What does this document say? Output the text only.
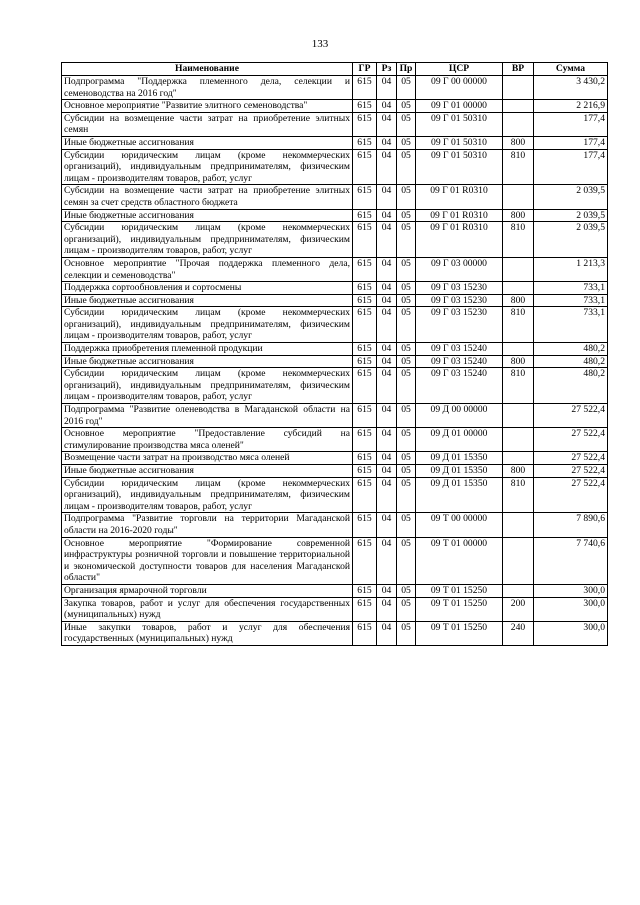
133
Наименование	ГР	Рз	Пр	ЦСР	ВР	Сумма
Подпрограмма "Поддержка племенного дела, селекции и семеноводства на 2016 год"	615	04	05	09 Г 00 00000		3 430,2
Основное мероприятие "Развитие элитного семеноводства"	615	04	05	09 Г 01 00000		2 216,9
Субсидии на возмещение части затрат на приобретение элитных семян	615	04	05	09 Г 01 50310		177,4
Иные бюджетные ассигнования	615	04	05	09 Г 01 50310	800	177,4
Субсидии юридическим лицам (кроме некоммерческих организаций), индивидуальным предпринимателям, физическим лицам - производителям товаров, работ, услуг	615	04	05	09 Г 01 50310	810	177,4
Субсидии на возмещение части затрат на приобретение элитных семян за счет средств областного бюджета	615	04	05	09 Г 01 R0310		2 039,5
Иные бюджетные ассигнования	615	04	05	09 Г 01 R0310	800	2 039,5
Субсидии юридическим лицам (кроме некоммерческих организаций), индивидуальным предпринимателям, физическим лицам - производителям товаров, работ, услуг	615	04	05	09 Г 01 R0310	810	2 039,5
Основное мероприятие "Прочая поддержка племенного дела, селекции и семеноводства"	615	04	05	09 Г 03 00000		1 213,3
Поддержка сортообновления и сортосмены	615	04	05	09 Г 03 15230		733,1
Иные бюджетные ассигнования	615	04	05	09 Г 03 15230	800	733,1
Субсидии юридическим лицам (кроме некоммерческих организаций), индивидуальным предпринимателям, физическим лицам - производителям товаров, работ, услуг	615	04	05	09 Г 03 15230	810	733,1
Поддержка приобретения племенной продукции	615	04	05	09 Г 03 15240		480,2
Иные бюджетные ассигнования	615	04	05	09 Г 03 15240	800	480,2
Субсидии юридическим лицам (кроме некоммерческих организаций), индивидуальным предпринимателям, физическим лицам - производителям товаров, работ, услуг	615	04	05	09 Г 03 15240	810	480,2
Подпрограмма "Развитие оленеводства в Магаданской области на 2016 год"	615	04	05	09 Д 00 00000		27 522,4
Основное мероприятие "Предоставление субсидий на стимулирование производства мяса оленей"	615	04	05	09 Д 01 00000		27 522,4
Возмещение части затрат на производство мяса оленей	615	04	05	09 Д 01 15350		27 522,4
Иные бюджетные ассигнования	615	04	05	09 Д 01 15350	800	27 522,4
Субсидии юридическим лицам (кроме некоммерческих организаций), индивидуальным предпринимателям, физическим лицам - производителям товаров, работ, услуг	615	04	05	09 Д 01 15350	810	27 522,4
Подпрограмма "Развитие торговли на территории Магаданской области на 2016-2020 годы"	615	04	05	09 Т 00 00000		7 890,6
Основное мероприятие "Формирование современной инфраструктуры розничной торговли и повышение территориальной и экономической доступности товаров для населения Магаданской области"	615	04	05	09 Т 01 00000		7 740,6
Организация ярмарочной торговли	615	04	05	09 Т 01 15250		300,0
Закупка товаров, работ и услуг для обеспечения государственных (муниципальных) нужд	615	04	05	09 Т 01 15250	200	300,0
Иные закупки товаров, работ и услуг для обеспечения государственных (муниципальных) нужд	615	04	05	09 Т 01 15250	240	300,0
